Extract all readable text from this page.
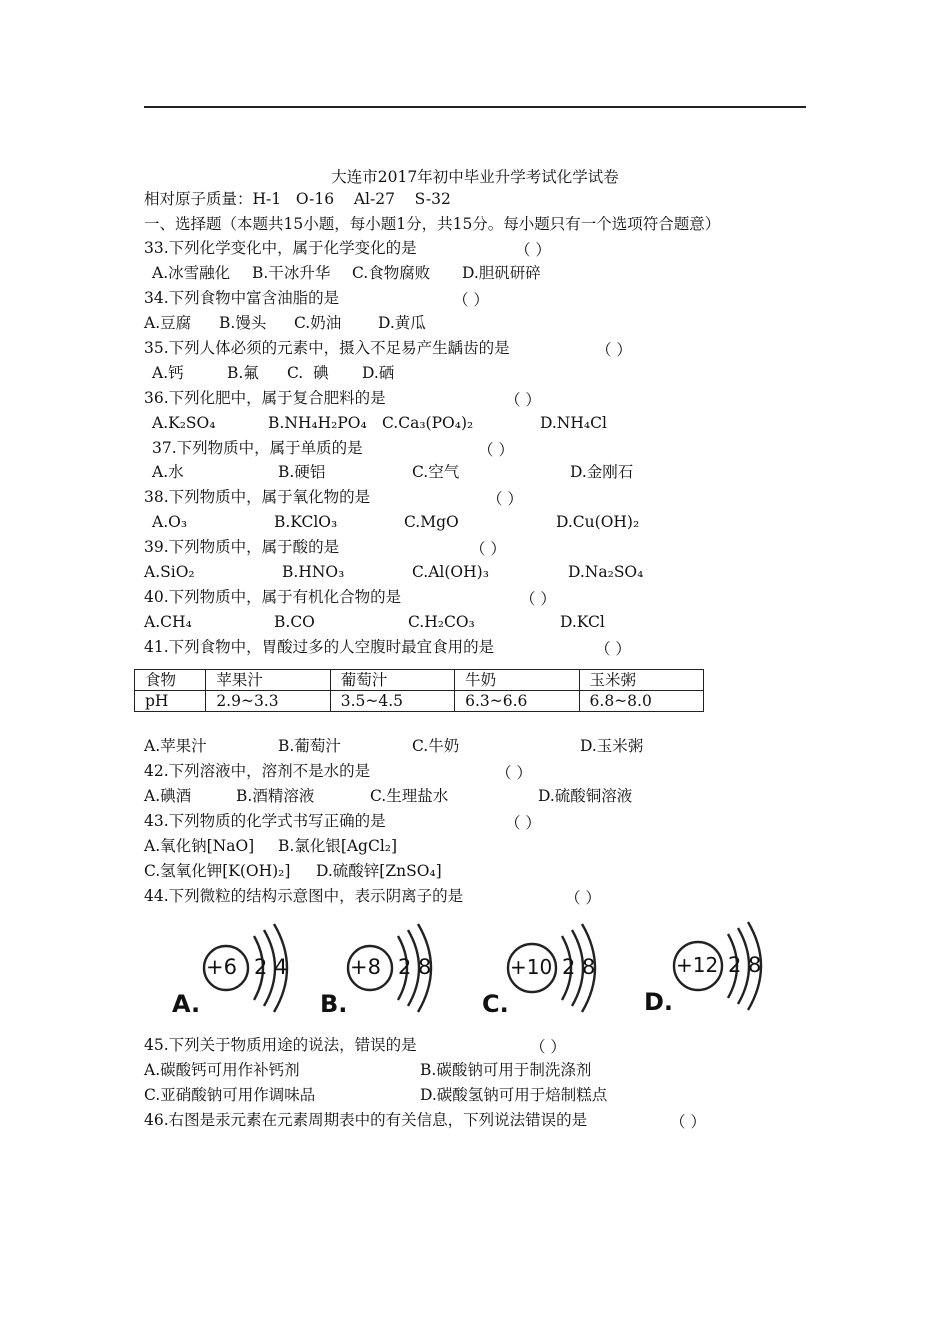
大连市2017年初中毕业升学考试化学试卷
相对原子质量：H-1   O-16    Al-27    S-32
一、选择题（本题共15小题，每小题1分，共15分。每小题只有一个选项符合题意）
33.下列化学变化中，属于化学变化的是	（ ）
A.冰雪融化 B.干冰升华 C.食物腐败 D.胆矾研碎
34.下列食物中富含油脂的是	（ ）
A.豆腐 B.馒头 C.奶油 D.黄瓜
35.下列人体必须的元素中，摄入不足易产生龋齿的是	（ ）
A.钙	B.氟 C.  碘 D.硒
36.下列化肥中，属于复合肥料的是	（ ）
A.K₂SO₄	B.NH₄H₂PO₄ C.Ca₃(PO₄)₂	D.NH₄Cl
37.下列物质中，属于单质的是	（ ）
A.水	B.硬铝	C.空气	D.金刚石
38.下列物质中，属于氧化物的是	（ ）
A.O₃	B.KClO₃	C.MgO	D.Cu(OH)₂
39.下列物质中，属于酸的是	（ ）
A.SiO₂	B.HNO₃	C.Al(OH)₃	D.Na₂SO₄
40.下列物质中，属于有机化合物的是	（ ）
A.CH₄	B.CO	C.H₂CO₃	D.KCl
41.下列食物中，胃酸过多的人空腹时最宜食用的是	（ ）
食物	苹果汁	葡萄汁	牛奶	玉米粥
pH	2.9~3.3	3.5~4.5	6.3~6.6	6.8~8.0
A.苹果汁	B.葡萄汁	C.牛奶	D.玉米粥
42.下列溶液中，溶剂不是水的是	（ ）
A.碘酒	B.酒精溶液	C.生理盐水	D.硫酸铜溶液
43.下列物质的化学式书写正确的是	（ ）
A.氧化钠[NaO] B.氯化银[AgCl₂]
C.氢氧化钾[K(OH)₂] D.硫酸锌[ZnSO₄]
44.下列微粒的结构示意图中，表示阴离子的是	（ ）
+6 2 4
A.
+8 2 8
B.
+10 2 8
C.
+12 2 8
D.
45.下列关于物质用途的说法，错误的是	（ ）
A.碳酸钙可用作补钙剂	B.碳酸钠可用于制洗涤剂
C.亚硝酸钠可用作调味品	D.碳酸氢钠可用于焙制糕点
46.右图是汞元素在元素周期表中的有关信息，下列说法错误的是	（ ）
